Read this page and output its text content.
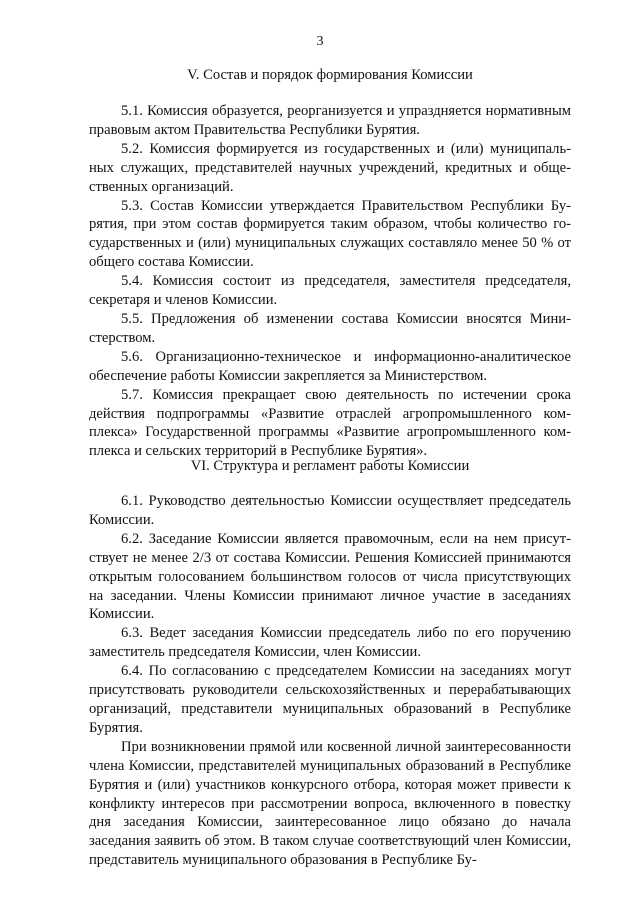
3
V. Состав и порядок формирования Комиссии

5.1. Комиссия образуется, реорганизуется и упраздняется нормативным правовым актом Правительства Республики Бурятия.

5.2. Комиссия формируется из государственных и (или) муниципальных служащих, представителей научных учреждений, кредитных и общественных организаций.

5.3. Состав Комиссии утверждается Правительством Республики Бурятия, при этом состав формируется таким образом, чтобы количество государственных и (или) муниципальных служащих составляло менее 50 % от общего состава Комиссии.

5.4. Комиссия состоит из председателя, заместителя председателя, секретаря и членов Комиссии.

5.5. Предложения об изменении состава Комиссии вносятся Министерством.

5.6. Организационно-техническое и информационно-аналитическое обеспечение работы Комиссии закрепляется за Министерством.

5.7. Комиссия прекращает свою деятельность по истечении срока действия подпрограммы «Развитие отраслей агропромышленного комплекса» Государственной программы «Развитие агропромышленного комплекса и сельских территорий в Республике Бурятия».

VI. Структура и регламент работы Комиссии

6.1. Руководство деятельностью Комиссии осуществляет председатель Комиссии.

6.2. Заседание Комиссии является правомочным, если на нем присутствует не менее 2/3 от состава Комиссии. Решения Комиссией принимаются открытым голосованием большинством голосов от числа присутствующих на заседании. Члены Комиссии принимают личное участие в заседаниях Комиссии.

6.3. Ведет заседания Комиссии председатель либо по его поручению заместитель председателя Комиссии, член Комиссии.

6.4. По согласованию с председателем Комиссии на заседаниях могут присутствовать руководители сельскохозяйственных и перерабатывающих организаций, представители муниципальных образований в Республике Бурятия.

При возникновении прямой или косвенной личной заинтересованности члена Комиссии, представителей муниципальных образований в Республике Бурятия и (или) участников конкурсного отбора, которая может привести к конфликту интересов при рассмотрении вопроса, включенного в повестку дня заседания Комиссии, заинтересованное лицо обязано до начала заседания заявить об этом. В таком случае соответствующий член Комиссии, представитель муниципального образования в Республике Бу-
